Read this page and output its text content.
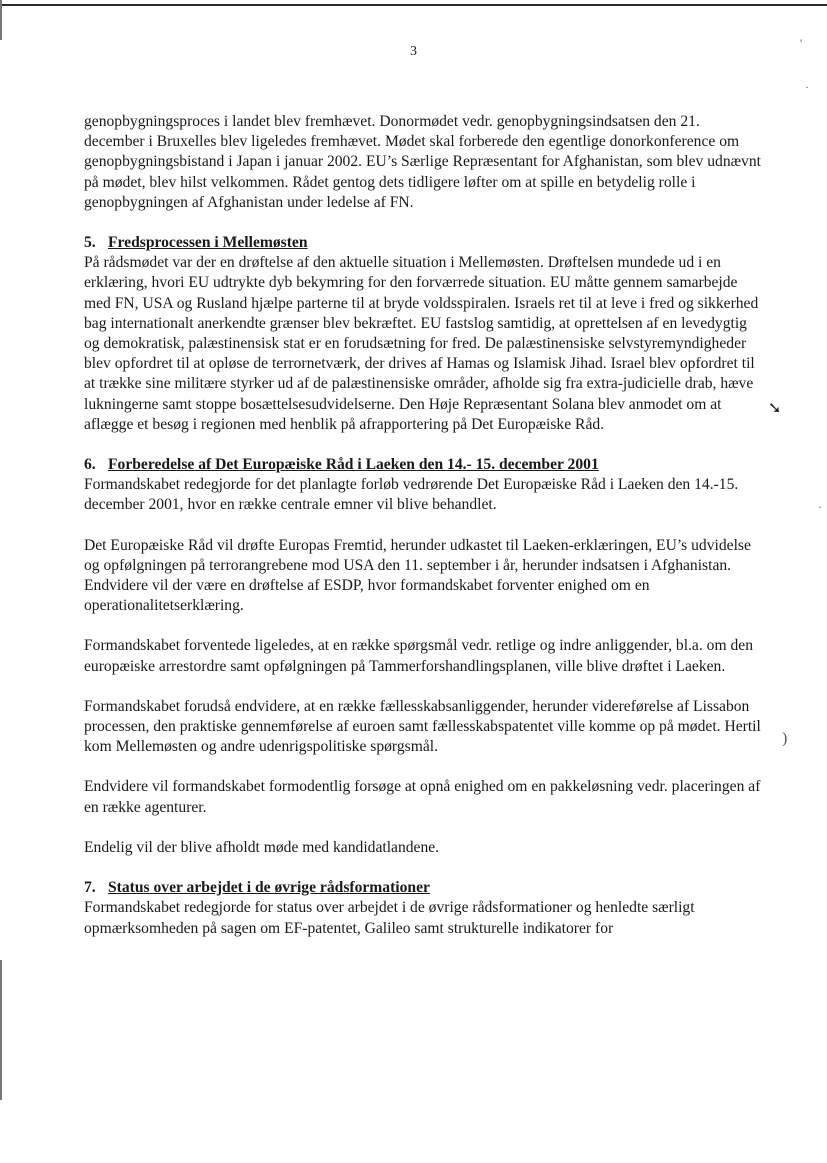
'
·
➘
)
·
3

genopbygningsproces i landet blev fremhævet. Donormødet vedr. genopbygningsindsatsen den 21. december i Bruxelles blev ligeledes fremhævet. Mødet skal forberede den egentlige donorkonference om genopbygningsbistand i Japan i januar 2002. EU’s Særlige Repræsentant for Afghanistan, som blev udnævnt på mødet, blev hilst velkommen. Rådet gentog dets tidligere løfter om at spille en betydelig rolle i genopbygningen af Afghanistan under ledelse af FN.

5. Fredsprocessen i Mellemøsten

På rådsmødet var der en drøftelse af den aktuelle situation i Mellemøsten. Drøftelsen mundede ud i en erklæring, hvori EU udtrykte dyb bekymring for den forværrede situation. EU måtte gennem samarbejde med FN, USA og Rusland hjælpe parterne til at bryde voldsspiralen. Israels ret til at leve i fred og sikkerhed bag internationalt anerkendte grænser blev bekræftet. EU fastslog samtidig, at oprettelsen af en levedygtig og demokratisk, palæstinensisk stat er en forudsætning for fred. De palæstinensiske selvstyremyndigheder blev opfordret til at opløse de terrornetværk, der drives af Hamas og Islamisk Jihad. Israel blev opfordret til at trække sine militære styrker ud af de palæstinensiske områder, afholde sig fra extra-judicielle drab, hæve lukningerne samt stoppe bosættelsesudvidelserne. Den Høje Repræsentant Solana blev anmodet om at aflægge et besøg i regionen med henblik på afrapportering på Det Europæiske Råd.

6. Forberedelse af Det Europæiske Råd i Laeken den 14.- 15. december 2001

Formandskabet redegjorde for det planlagte forløb vedrørende Det Europæiske Råd i Laeken den 14.-15. december 2001, hvor en række centrale emner vil blive behandlet.

Det Europæiske Råd vil drøfte Europas Fremtid, herunder udkastet til Laeken-erklæringen, EU’s udvidelse og opfølgningen på terrorangrebene mod USA den 11. september i år, herunder indsatsen i Afghanistan. Endvidere vil der være en drøftelse af ESDP, hvor formandskabet forventer enighed om en operationalitetserklæring.

Formandskabet forventede ligeledes, at en række spørgsmål vedr. retlige og indre anliggender, bl.a. om den europæiske arrestordre samt opfølgningen på Tammerforshandlingsplanen, ville blive drøftet i Laeken.

Formandskabet forudså endvidere, at en række fællesskabsanliggender, herunder videreførelse af Lissabon processen, den praktiske gennemførelse af euroen samt fællesskabspatentet ville komme op på mødet. Hertil kom Mellemøsten og andre udenrigspolitiske spørgsmål.

Endvidere vil formandskabet formodentlig forsøge at opnå enighed om en pakkeløsning vedr. placeringen af en række agenturer.

Endelig vil der blive afholdt møde med kandidatlandene.

7. Status over arbejdet i de øvrige rådsformationer

Formandskabet redegjorde for status over arbejdet i de øvrige rådsformationer og henledte særligt opmærksomheden på sagen om EF-patentet, Galileo samt strukturelle indikatorer for
